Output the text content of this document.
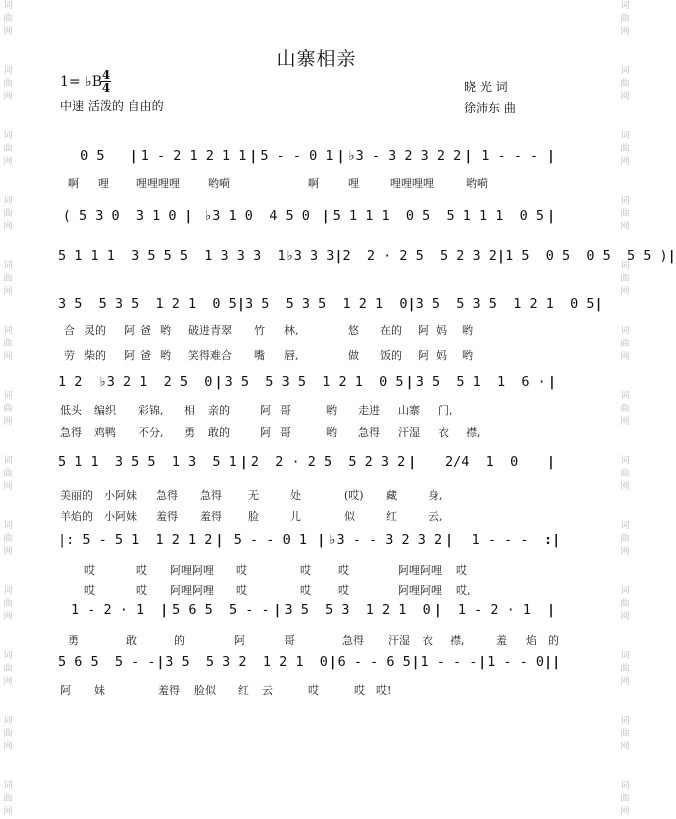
词
曲
网
词
曲
网
词
曲
网
词
曲
网
词
曲
网
词
曲
网
词
曲
网
词
曲
网
词
曲
网
词
曲
网
词
曲
网
词
曲
网
词
曲
网
词
曲
网
词
曲
网
词
曲
网
词
曲
网
词
曲
网
词
曲
网
词
曲
网
词
曲
网
词
曲
网
词
曲
网
词
曲
网
词
曲
网
词
曲
网
山寨相亲
1= ♭B 4
4
中速 活泼的 自由的
晓 光 词
徐沛东 曲
0 5	| 1 - 2 1 2 1 1 | 5 - - 0 1 | ♭3 - 3 2 3 2 2 | 1 - - - |
( 5 3 0  3 1 0 | ♭3 1 0  4 5 0 | 5 1 1 1  0 5  5 1 1 1  0 5 |
5 1 1 1  3 5 5 5  1 3 3 3  1♭3 3 3 | 2  2 · 2 5  5 2 3 2 | 1 5  0 5  0 5  5 5 ) |
3 5  5 3 5  1 2 1  0 5 | 3 5  5 3 5  1 2 1  0 | 3 5  5 3 5  1 2 1  0 5 |
1 2  ♭3 2 1  2 5  0 | 3 5  5 3 5  1 2 1  0 5 | 3 5  5 1  1  6 · |
5 1 1  3 5 5  1 3  5 1 | 2  2 · 2 5  5 2 3 2 |	2/4  1  0	|
|: 5 - 5 1  1 2 1 2 | 5 - - 0 1 | ♭3 - - 3 2 3 2 |	1 - - -	:|
1 - 2 · 1	| 5 6 5  5 - - | 3 5  5 3  1 2 1  0 |	1 - 2 · 1	|
5 6 5  5 - - | 3 5  5 3 2  1 2 1  0 | 6 - - 6 5 | 1 - - - | 1 - - 0 ||
啊 哩 哩哩哩哩	哟嗬	啊	哩	哩哩哩哩	哟嗬
合 灵的 阿 爸 哟 破进青翠 竹 林,	悠 在的 阿 妈 哟
劳 柴的 阿 爸 哟 笑得难合 嘴 唇,	做 饭的 阿 妈 哟
低头 编织 彩锦, 相 亲的	阿 哥	哟 走进 山寨 门,
急得 鸡鸭 不分, 勇 敢的	阿 哥	哟 急得 汗湿 衣 襟,
美丽的 小阿妹 急得 急得 无	处	(哎) 藏	身,
羊焰的 小阿妹 羞得 羞得 脸	儿	似	红	云,
哎	哎 阿哩阿哩 哎	哎 哎	阿哩阿哩 哎
哎	哎 阿哩阿哩 哎	哎 哎	阿哩阿哩 哎,
勇	敢	的	阿	哥	急得 汗湿 衣 襟,	羞 焰 的
阿 妹	羞得 脸似 红 云	哎	哎 哎!
